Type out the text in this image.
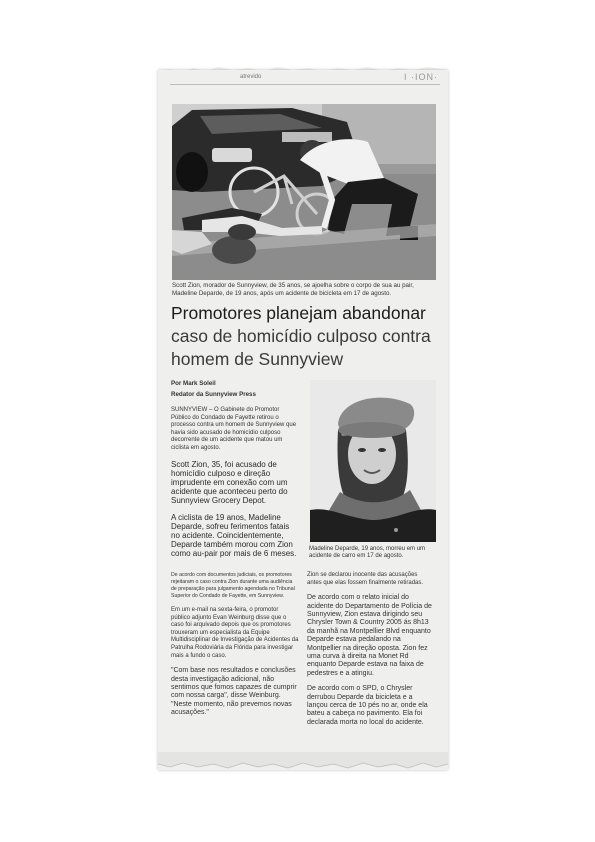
atrevido	I ·ION·
Scott Zion, morador de Sunnyview, de 35 anos, se ajoelha sobre o corpo de sua au pair, Madeline Deparde, de 19 anos, após um acidente de bicicleta em 17 de agosto.
Promotores planejam abandonar
caso de homicídio culposo contra
homem de Sunnyview
Por Mark Soleil
Redator da Sunnyview Press

SUNNYVIEW – O Gabinete do Promotor Público do Condado de Fayette retirou o processo contra um homem de Sunnyview que havia sido acusado de homicídio culposo decorrente de um acidente que matou um ciclista em agosto.

Scott Zion, 35, foi acusado de homicídio culposo e direção imprudente em conexão com um acidente que aconteceu perto do Sunnyview Grocery Depot.

A ciclista de 19 anos, Madeline Deparde, sofreu ferimentos fatais no acidente. Coincidentemente, Deparde também morou com Zion como au-pair por mais de 6 meses.

Madeline Deparde, 19 anos, morreu em um acidente de carro em 17 de agosto.

De acordo com documentos judiciais, os promotores rejeitaram o caso contra Zion durante uma audiência de preparação para julgamento agendada no Tribunal Superior do Condado de Fayette, em Sunnyview.

Em um e-mail na sexta-feira, o promotor público adjunto Evan Weinburg disse que o caso foi arquivado depois que os promotores trouxeram um especialista da Equipe Multidisciplinar de Investigação de Acidentes da Patrulha Rodoviária da Flórida para investigar mais a fundo o caso.

"Com base nos resultados e conclusões desta investigação adicional, não sentimos que fomos capazes de cumprir com nossa carga", disse Weinburg. "Neste momento, não prevemos novas acusações."

Zion se declarou inocente das acusações antes que elas fossem finalmente retiradas.

De acordo com o relato inicial do acidente do Departamento de Polícia de Sunnyview, Zion estava dirigindo seu Chrysler Town & Country 2005 ás 8h13 da manhã na Montpellier Blvd enquanto Deparde estava pedalando na Montpellier na direção oposta. Zion fez uma curva à direita na Monet Rd enquanto Deparde estava na faixa de pedestres e a atingiu.

De acordo com o SPD, o Chrysler derrubou Deparde da bicicleta e a lançou cerca de 10 pés no ar, onde ela bateu a cabeça no pavimento. Ela foi declarada morta no local do acidente.
